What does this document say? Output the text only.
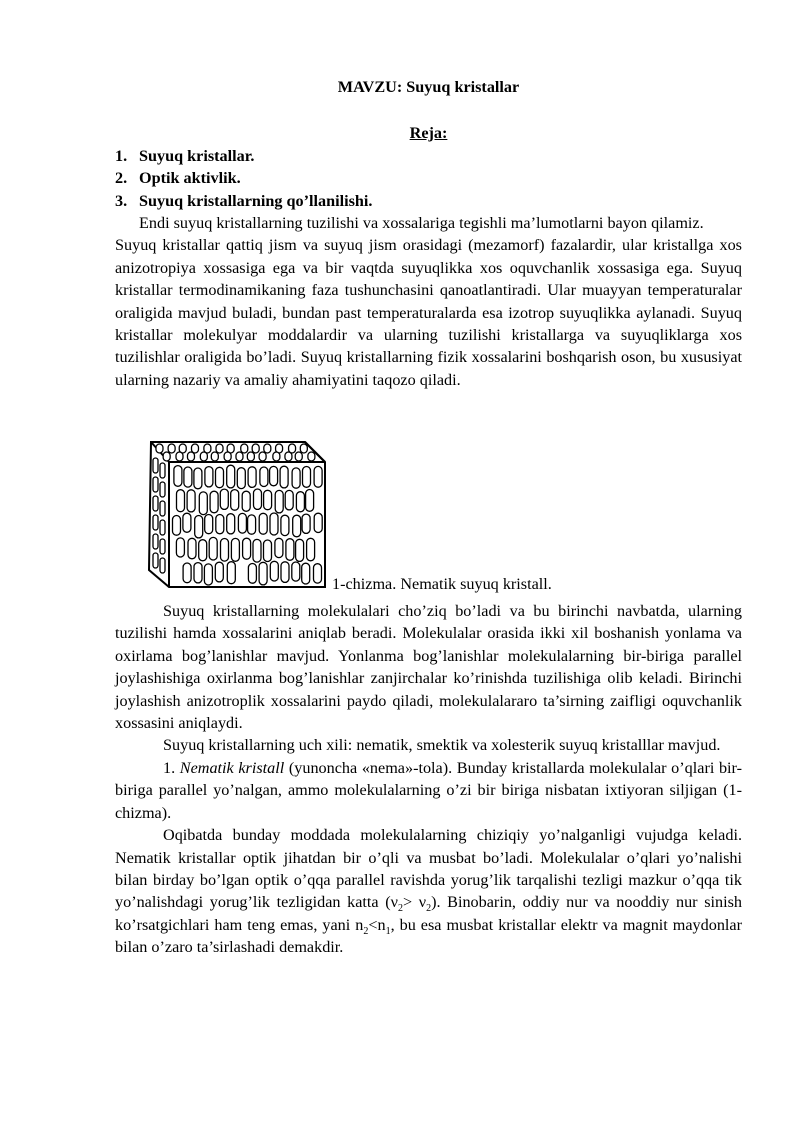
MAVZU: Suyuq kristallar
Reja:
1. Suyuq kristallar.
2. Optik aktivlik.
3. Suyuq kristallarning qo’llanilishi.

Endi suyuq kristallarning tuzilishi va xossalariga tegishli ma’lumotlarni bayon qilamiz.

Suyuq kristallar qattiq jism va suyuq jism orasidagi (mezamorf) fazalardir, ular kristallga xos anizotropiya xossasiga ega va bir vaqtda suyuqlikka xos oquvchanlik xossasiga ega. Suyuq kristallar termodinamikaning faza tushunchasini qanoatlantiradi. Ular muayyan temperaturalar oraligida mavjud buladi, bundan past temperaturalarda esa izotrop suyuqlikka aylanadi. Suyuq kristallar molekulyar moddalardir va ularning tuzilishi kristallarga va suyuqliklarga xos tuzilishlar oraligida bo’ladi. Suyuq kristallarning fizik xossalarini boshqarish oson, bu xususiyat ularning nazariy va amaliy ahamiyatini taqozo qiladi.

1-chizma. Nematik suyuq kristall.

Suyuq kristallarning molekulalari cho’ziq bo’ladi va bu birinchi navbatda, ularning tuzilishi hamda xossalarini aniqlab beradi. Molekulalar orasida ikki xil boshanish yonlama va oxirlama bog’lanishlar mavjud. Yonlanma bog’lanishlar molekulalarning bir-biriga parallel joylashishiga oxirlanma bog’lanishlar zanjirchalar ko’rinishda tuzilishiga olib keladi. Birinchi joylashish anizotroplik xossalarini paydo qiladi, molekulalararo ta’sirning zaifligi oquvchanlik xossasini aniqlaydi.

Suyuq kristallarning uch xili: nematik, smektik va xolesterik suyuq kristalllar mavjud.

1. Nematik kristall (yunoncha «nema»-tola). Bunday kristallarda molekulalar o’qlari bir-biriga parallel yo’nalgan, ammo molekulalarning o’zi bir biriga nisbatan ixtiyoran siljigan (1- chizma).

Oqibatda bunday moddada molekulalarning chiziqiy yo’nalganligi vujudga keladi. Nematik kristallar optik jihatdan bir o’qli va musbat bo’ladi. Molekulalar o’qlari yo’nalishi bilan birday bo’lgan optik o’qqa parallel ravishda yorug’lik tarqalishi tezligi mazkur o’qqa tik yo’nalishdagi yorug’lik tezligidan katta $(\nu_2> \nu_2)$. Binobarin, oddiy nur va nooddiy nur sinish ko’rsatgichlari ham teng emas, yani $n_2<n_1$, bu esa musbat kristallar elektr va magnit maydonlar bilan o’zaro ta’sirlashadi demakdir.
